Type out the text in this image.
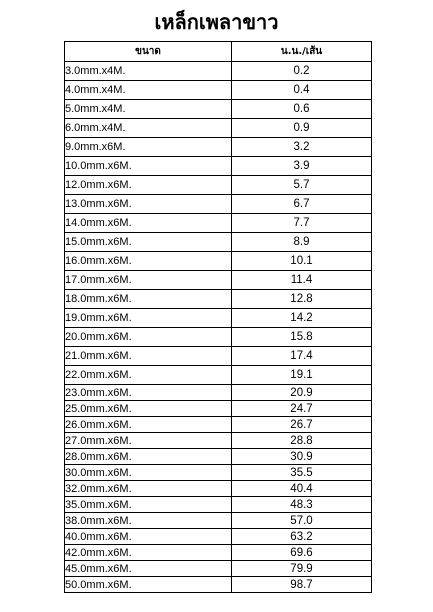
เหล็กเพลาขาว
ขนาด	น.น./เส้น
3.0mm.x4M.	0.2
4.0mm.x4M.	0.4
5.0mm.x4M.	0.6
6.0mm.x4M.	0.9
9.0mm.x6M.	3.2
10.0mm.x6M.	3.9
12.0mm.x6M.	5.7
13.0mm.x6M.	6.7
14.0mm.x6M.	7.7
15.0mm.x6M.	8.9
16.0mm.x6M.	10.1
17.0mm.x6M.	11.4
18.0mm.x6M.	12.8
19.0mm.x6M.	14.2
20.0mm.x6M.	15.8
21.0mm.x6M.	17.4
22.0mm.x6M.	19.1
23.0mm.x6M.	20.9
25.0mm.x6M.	24.7
26.0mm.x6M.	26.7
27.0mm.x6M.	28.8
28.0mm.x6M.	30.9
30.0mm.x6M.	35.5
32.0mm.x6M.	40.4
35.0mm.x6M.	48.3
38.0mm.x6M.	57.0
40.0mm.x6M.	63.2
42.0mm.x6M.	69.6
45.0mm.x6M.	79.9
50.0mm.x6M.	98.7
